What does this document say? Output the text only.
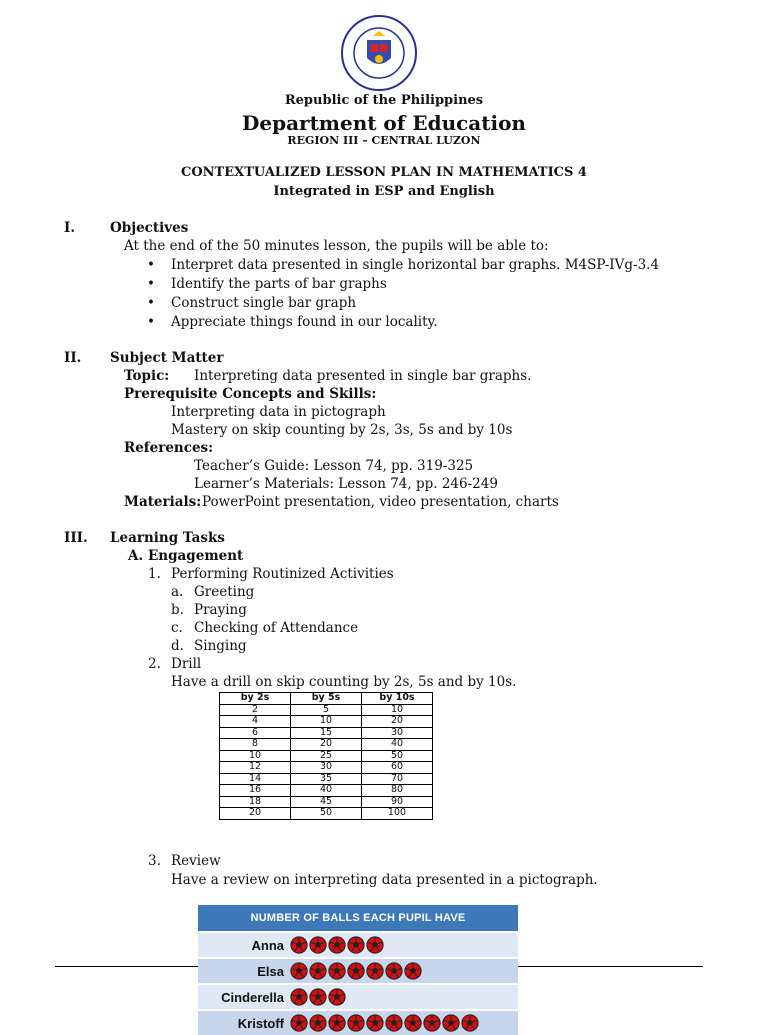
Republic of the Philippines
Department of Education
REGION III – CENTRAL LUZON
CONTEXTUALIZED LESSON PLAN IN MATHEMATICS 4
Integrated in ESP and English
I.	Objectives
At the end of the 50 minutes lesson, the pupils will be able to:
• Interpret data presented in single horizontal bar graphs. M4SP-IVg-3.4
• Identify the parts of bar graphs
• Construct single bar graph
• Appreciate things found in our locality.
II. Subject Matter
Topic: Interpreting data presented in single bar graphs.
Prerequisite Concepts and Skills:
Interpreting data in pictograph
Mastery on skip counting by 2s, 3s, 5s and by 10s
References:
Teacher’s Guide: Lesson 74, pp. 319-325
Learner’s Materials: Lesson 74, pp. 246-249
Materials: PowerPoint presentation, video presentation, charts
III. Learning Tasks
A. Engagement
1. Performing Routinized Activities
a. Greeting
b. Praying
c. Checking of Attendance
d. Singing
2. Drill
Have a drill on skip counting by 2s, 5s and by 10s.
by 2s	by 5s	by 10s
2	5	10
4	10	20
6	15	30
8	20	40
10	25	50
12	30	60
14	35	70
16	40	80
18	45	90
20	50	100
3. Review
Have a review on interpreting data presented in a pictograph.
NUMBER OF BALLS EACH PUPIL HAVE
Anna
Elsa
Cinderella
Kristoff
